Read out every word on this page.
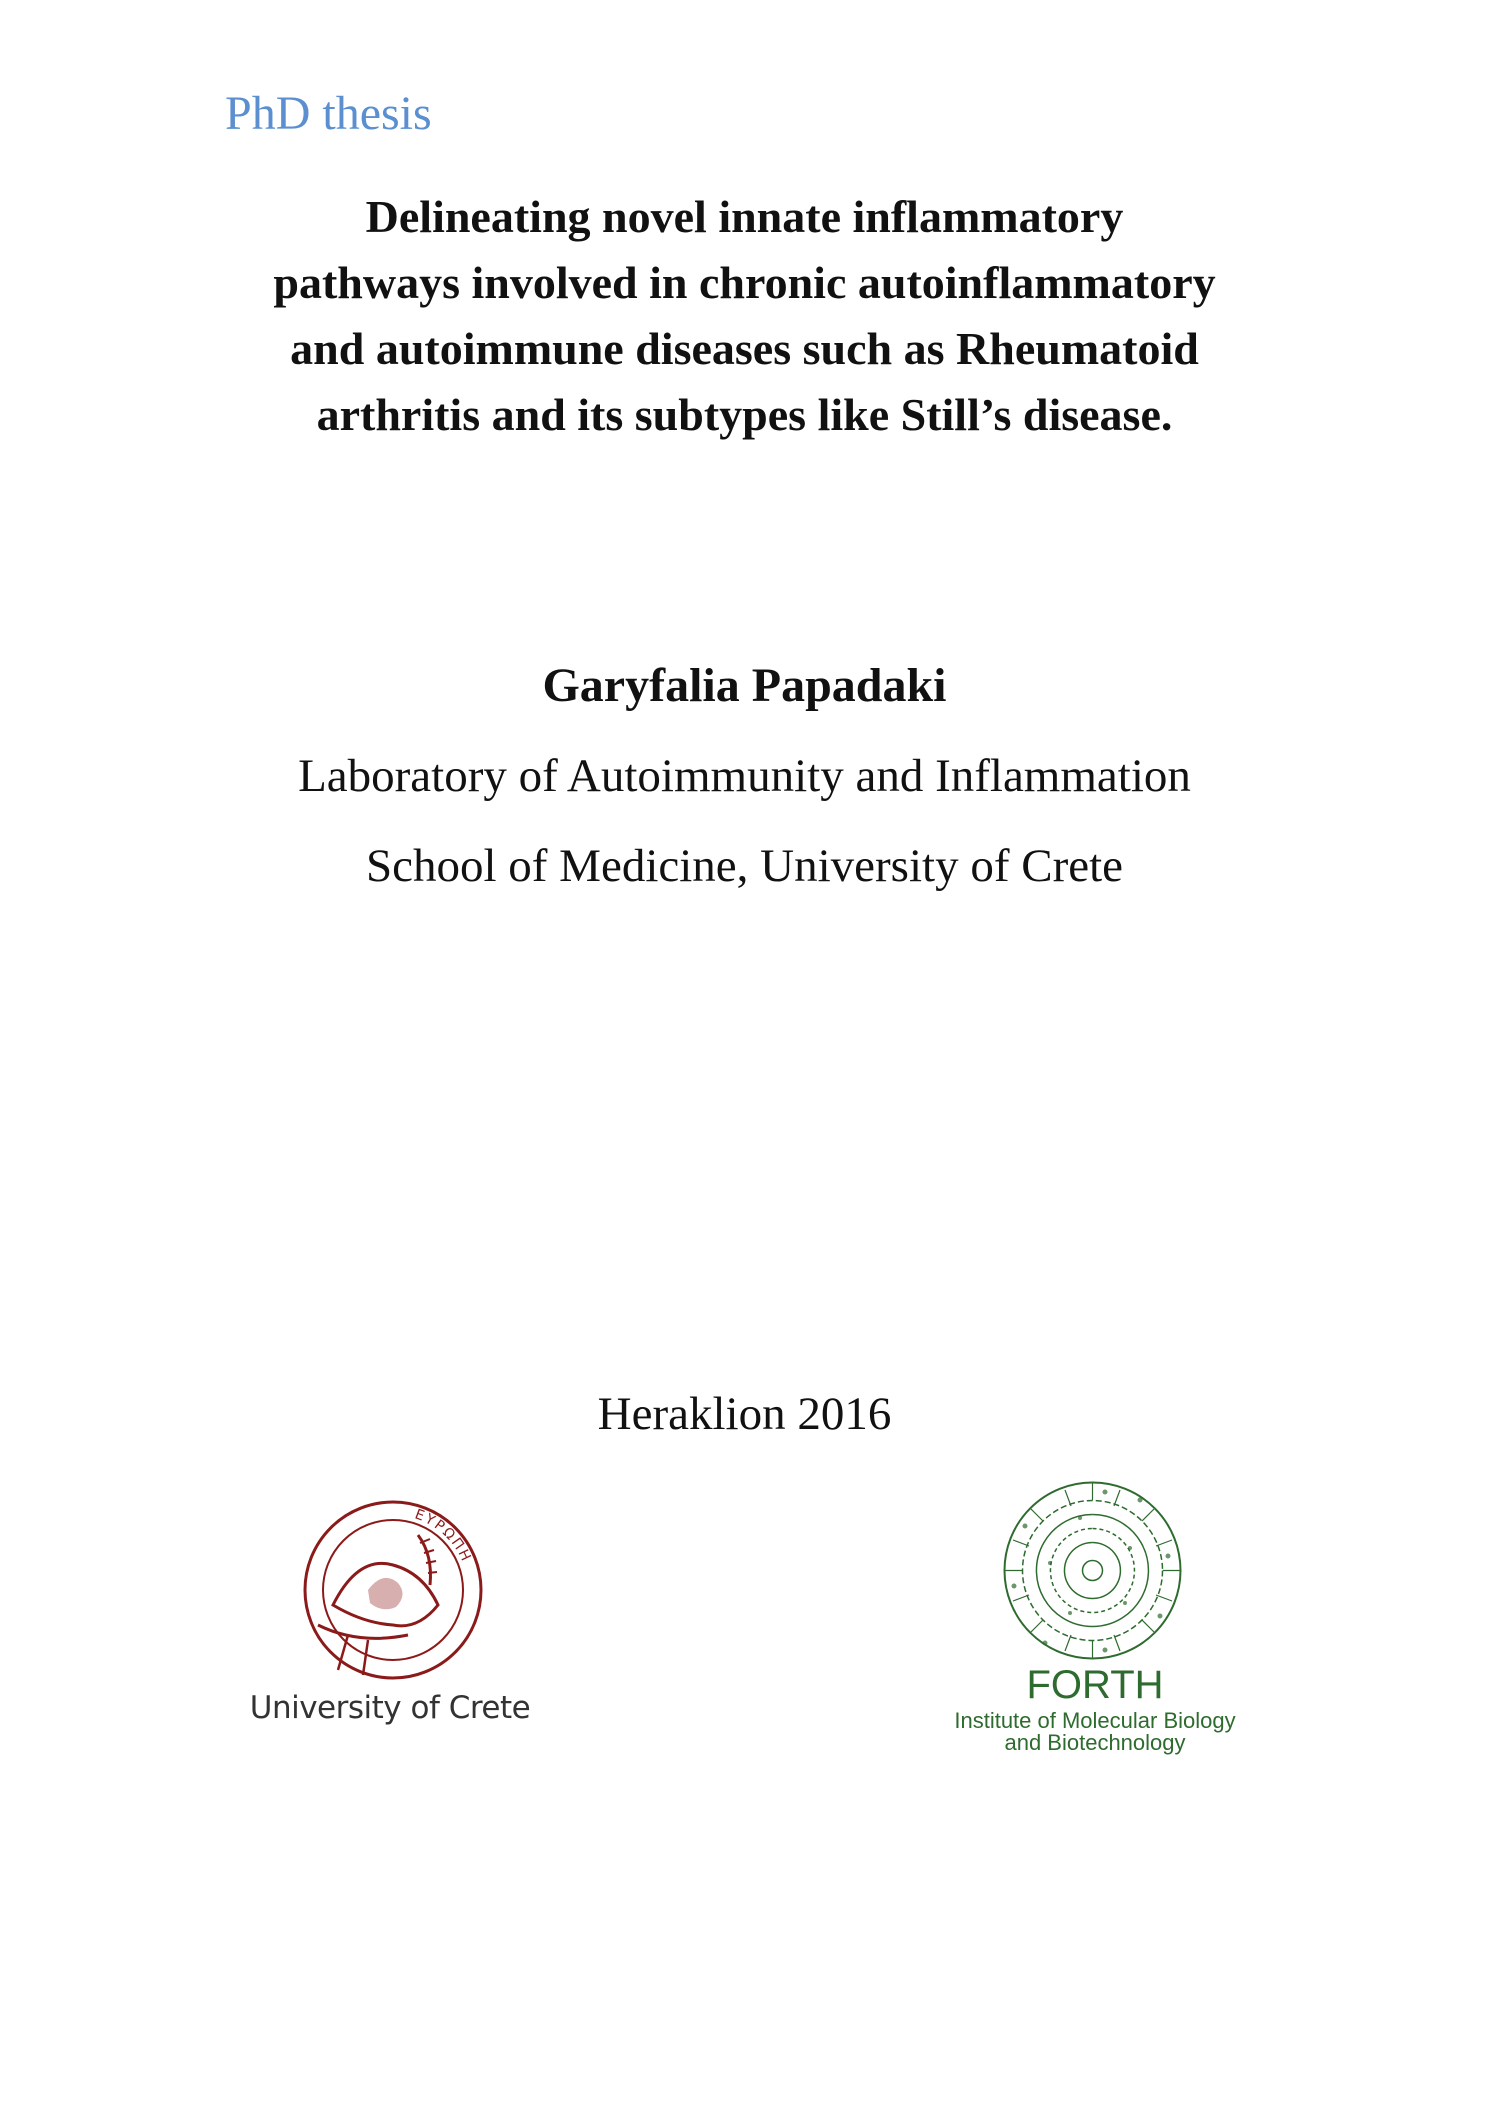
PhD thesis
Delineating novel innate inflammatory
pathways involved in chronic autoinflammatory
and autoimmune diseases such as Rheumatoid
arthritis and its subtypes like Still’s disease.
Garyfalia Papadaki
Laboratory of Autoimmunity and Inflammation
School of Medicine, University of Crete
Heraklion 2016
ΕΥΡΩΠΗ
University of Crete
FORTH
Institute of Molecular Biology
and Biotechnology
